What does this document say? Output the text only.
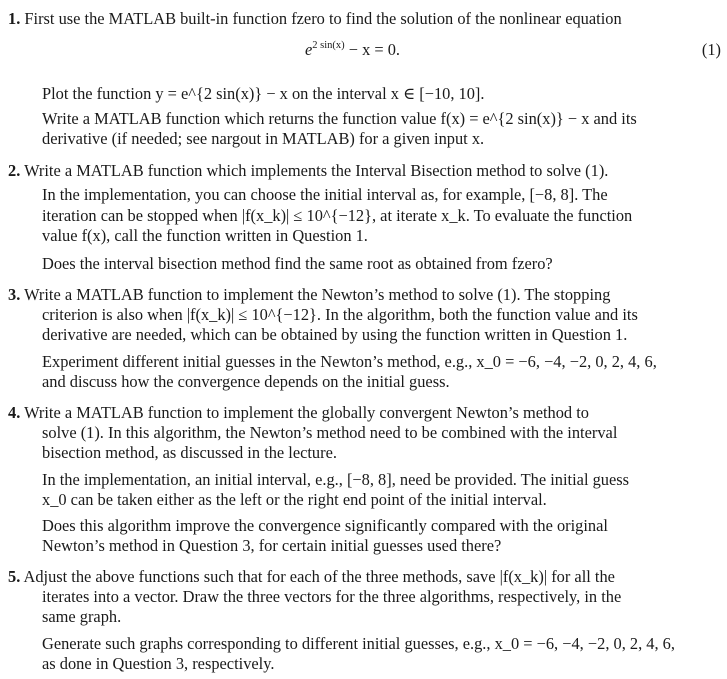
1. First use the MATLAB built-in function fzero to find the solution of the nonlinear equation
$e^{2 sin(x)} - x = 0$.	(1)
Plot the function y = e^{2 sin(x)} − x on the interval x ∈ [−10, 10].
Write a MATLAB function which returns the function value f(x) = e^{2 sin(x)} − x and its
derivative (if needed; see nargout in MATLAB) for a given input x.
2. Write a MATLAB function which implements the Interval Bisection method to solve (1).
In the implementation, you can choose the initial interval as, for example, [−8, 8]. The
iteration can be stopped when |f(x_k)| ≤ 10^{−12}, at iterate x_k. To evaluate the function
value f(x), call the function written in Question 1.
Does the interval bisection method find the same root as obtained from fzero?
3. Write a MATLAB function to implement the Newton’s method to solve (1). The stopping
criterion is also when |f(x_k)| ≤ 10^{−12}. In the algorithm, both the function value and its
derivative are needed, which can be obtained by using the function written in Question 1.
Experiment different initial guesses in the Newton’s method, e.g., x_0 = −6, −4, −2, 0, 2, 4, 6,
and discuss how the convergence depends on the initial guess.
4. Write a MATLAB function to implement the globally convergent Newton’s method to
solve (1). In this algorithm, the Newton’s method need to be combined with the interval
bisection method, as discussed in the lecture.
In the implementation, an initial interval, e.g., [−8, 8], need be provided. The initial guess
x_0 can be taken either as the left or the right end point of the initial interval.
Does this algorithm improve the convergence significantly compared with the original
Newton’s method in Question 3, for certain initial guesses used there?
5. Adjust the above functions such that for each of the three methods, save |f(x_k)| for all the
iterates into a vector. Draw the three vectors for the three algorithms, respectively, in the
same graph.
Generate such graphs corresponding to different initial guesses, e.g., x_0 = −6, −4, −2, 0, 2, 4, 6,
as done in Question 3, respectively.
